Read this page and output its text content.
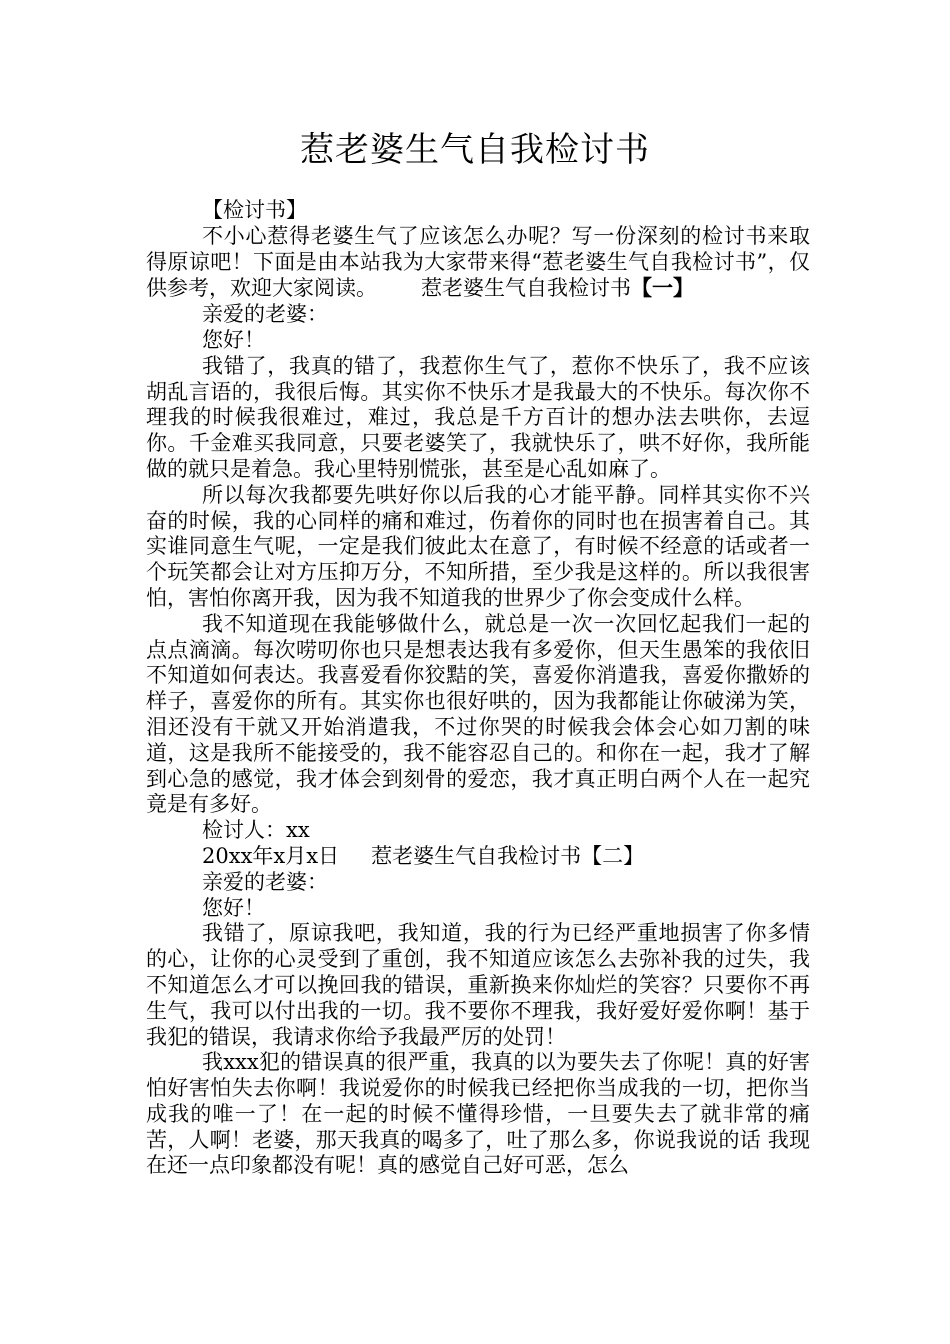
惹老婆生气自我检讨书

【检讨书】

不小心惹得老婆生气了应该怎么办呢？写一份深刻的检讨书来取得原谅吧！下面是由本站我为大家带来得“惹老婆生气自我检讨书”，仅供参考，欢迎大家阅读。 惹老婆生气自我检讨书【一】

亲爱的老婆：

您好！

我错了，我真的错了，我惹你生气了，惹你不快乐了，我不应该胡乱言语的，我很后悔。其实你不快乐才是我最大的不快乐。每次你不理我的时候我很难过，难过，我总是千方百计的想办法去哄你，去逗你。千金难买我同意，只要老婆笑了，我就快乐了，哄不好你，我所能做的就只是着急。我心里特别慌张，甚至是心乱如麻了。

所以每次我都要先哄好你以后我的心才能平静。同样其实你不兴奋的时候，我的心同样的痛和难过，伤着你的同时也在损害着自己。其实谁同意生气呢，一定是我们彼此太在意了，有时候不经意的话或者一个玩笑都会让对方压抑万分，不知所措，至少我是这样的。所以我很害怕，害怕你离开我，因为我不知道我的世界少了你会变成什么样。

我不知道现在我能够做什么，就总是一次一次回忆起我们一起的点点滴滴。每次唠叨你也只是想表达我有多爱你，但天生愚笨的我依旧不知道如何表达。我喜爱看你狡黠的笑，喜爱你消遣我，喜爱你撒娇的样子，喜爱你的所有。其实你也很好哄的，因为我都能让你破涕为笑，泪还没有干就又开始消遣我，不过你哭的时候我会体会心如刀割的味道，这是我所不能接受的，我不能容忍自己的。和你在一起，我才了解到心急的感觉，我才体会到刻骨的爱恋，我才真正明白两个人在一起究竟是有多好。

检讨人：xx

20xx年x月x日 惹老婆生气自我检讨书【二】

亲爱的老婆：

您好！

我错了，原谅我吧，我知道，我的行为已经严重地损害了你多情的心，让你的心灵受到了重创，我不知道应该怎么去弥补我的过失，我不知道怎么才可以挽回我的错误，重新换来你灿烂的笑容？只要你不再生气，我可以付出我的一切。我不要你不理我，我好爱好爱你啊！基于我犯的错误，我请求你给予我最严厉的处罚！

我xxx犯的错误真的很严重，我真的以为要失去了你呢！真的好害怕好害怕失去你啊！我说爱你的时候我已经把你当成我的一切，把你当成我的唯一了！在一起的时候不懂得珍惜，一旦要失去了就非常的痛苦，人啊！老婆，那天我真的喝多了，吐了那么多，你说我说的话 我现在还一点印象都没有呢！真的感觉自己好可恶，怎么
